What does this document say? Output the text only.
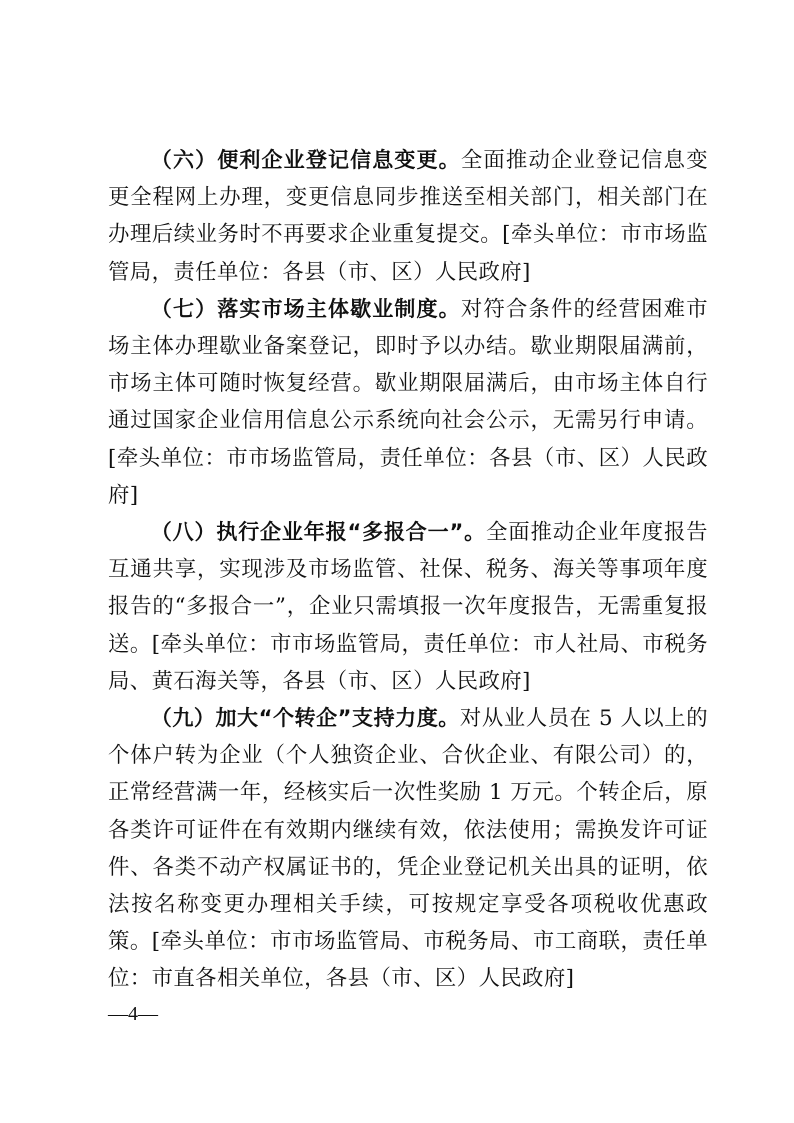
（六）便利企业登记信息变更。全面推动企业登记信息变更全程网上办理，变更信息同步推送至相关部门，相关部门在办理后续业务时不再要求企业重复提交。[牵头单位：市市场监管局，责任单位：各县（市、区）人民政府]

（七）落实市场主体歇业制度。对符合条件的经营困难市场主体办理歇业备案登记，即时予以办结。歇业期限届满前，市场主体可随时恢复经营。歇业期限届满后，由市场主体自行通过国家企业信用信息公示系统向社会公示，无需另行申请。[牵头单位：市市场监管局，责任单位：各县（市、区）人民政府]

（八）执行企业年报“多报合一”。全面推动企业年度报告互通共享，实现涉及市场监管、社保、税务、海关等事项年度报告的“多报合一”，企业只需填报一次年度报告，无需重复报送。[牵头单位：市市场监管局，责任单位：市人社局、市税务局、黄石海关等，各县（市、区）人民政府]

（九）加大“个转企”支持力度。对从业人员在 5 人以上的个体户转为企业（个人独资企业、合伙企业、有限公司）的，正常经营满一年，经核实后一次性奖励 1 万元。个转企后，原各类许可证件在有效期内继续有效，依法使用；需换发许可证件、各类不动产权属证书的，凭企业登记机关出具的证明，依法按名称变更办理相关手续，可按规定享受各项税收优惠政策。[牵头单位：市市场监管局、市税务局、市工商联，责任单位：市直各相关单位，各县（市、区）人民政府]

—4—
